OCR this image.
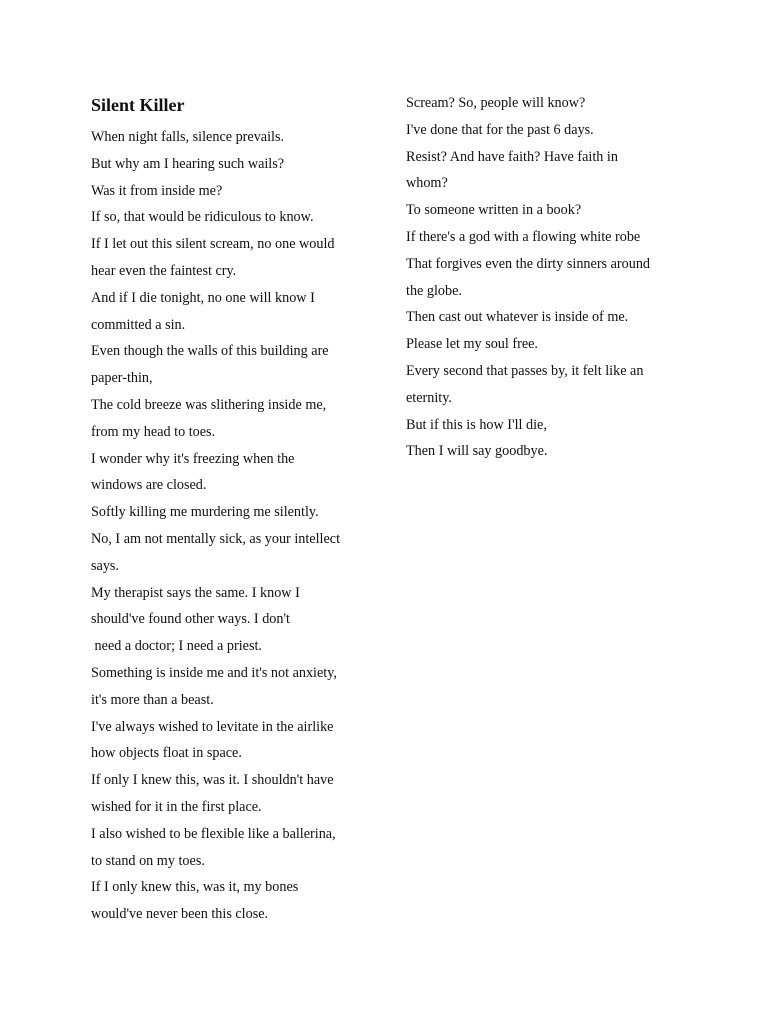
Silent Killer

When night falls, silence prevails.

But why am I hearing such wails?

Was it from inside me?

If so, that would be ridiculous to know.

If I let out this silent scream, no one would

hear even the faintest cry.

And if I die tonight, no one will know I

committed a sin.

Even though the walls of this building are

paper-thin,

The cold breeze was slithering inside me,

from my head to toes.

I wonder why it's freezing when the

windows are closed.

Softly killing me murdering me silently.

No, I am not mentally sick, as your intellect

says.

My therapist says the same. I know I

should've found other ways. I don't

need a doctor; I need a priest.

Something is inside me and it's not anxiety,

it's more than a beast.

I've always wished to levitate in the airlike

how objects float in space.

If only I knew this, was it. I shouldn't have

wished for it in the first place.

I also wished to be flexible like a ballerina,

to stand on my toes.

If I only knew this, was it, my bones

would've never been this close.

Scream? So, people will know?

I've done that for the past 6 days.

Resist? And have faith? Have faith in

whom?

To someone written in a book?

If there's a god with a flowing white robe

That forgives even the dirty sinners around

the globe.

Then cast out whatever is inside of me.

Please let my soul free.

Every second that passes by, it felt like an

eternity.

But if this is how I'll die,

Then I will say goodbye.
